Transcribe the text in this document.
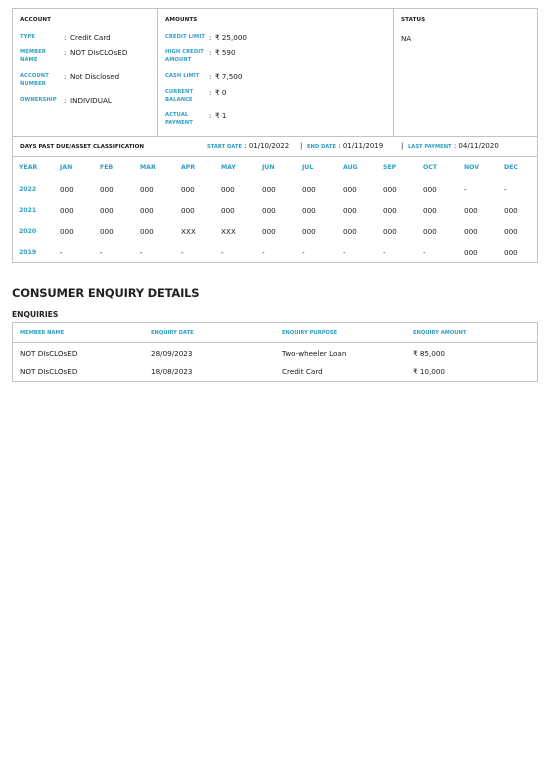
ACCOUNT
TYPE	: Credit Card
MEMBER
NAME
: NOT DIsCLOsED
ACCOUNT
NUMBER
: Not Disclosed
OWNERSHIP : INDIVIDUAL
AMOUNTS
CREDIT LIMIT : ₹ 25,000
HIGH CREDIT
AMOUNT
: ₹ 590
CASH LIMIT : ₹ 7,500
CURRENT
BALANCE
: ₹ 0
ACTUAL
PAYMENT
: ₹ 1
STATUS
NA
DAYS PAST DUE/ASSET CLASSIFICATION	START DATE : 01/10/2022 | END DATE : 01/11/2019	| LAST PAYMENT : 04/11/2020
YEAR	JAN	FEB	MAR	APR	MAY	JUN	JUL	AUG	SEP	OCT	NOV	DEC
2022	000	000	000	000	000	000	000	000	000	000	-	-
2021	000	000	000	000	000	000	000	000	000	000	000	000
2020	000	000	000	XXX	XXX	000	000	000	000	000	000	000
2019	-	-	-	-	-	-	-	-	-	-	000	000
CONSUMER ENQUIRY DETAILS
ENQUIRIES
MEMBER NAME	ENQUIRY DATE	ENQUIRY PURPOSE	ENQUIRY AMOUNT
NOT DIsCLOsED	28/09/2023	Two-wheeler Loan	₹ 85,000
NOT DIsCLOsED	18/08/2023	Credit Card	₹ 10,000
